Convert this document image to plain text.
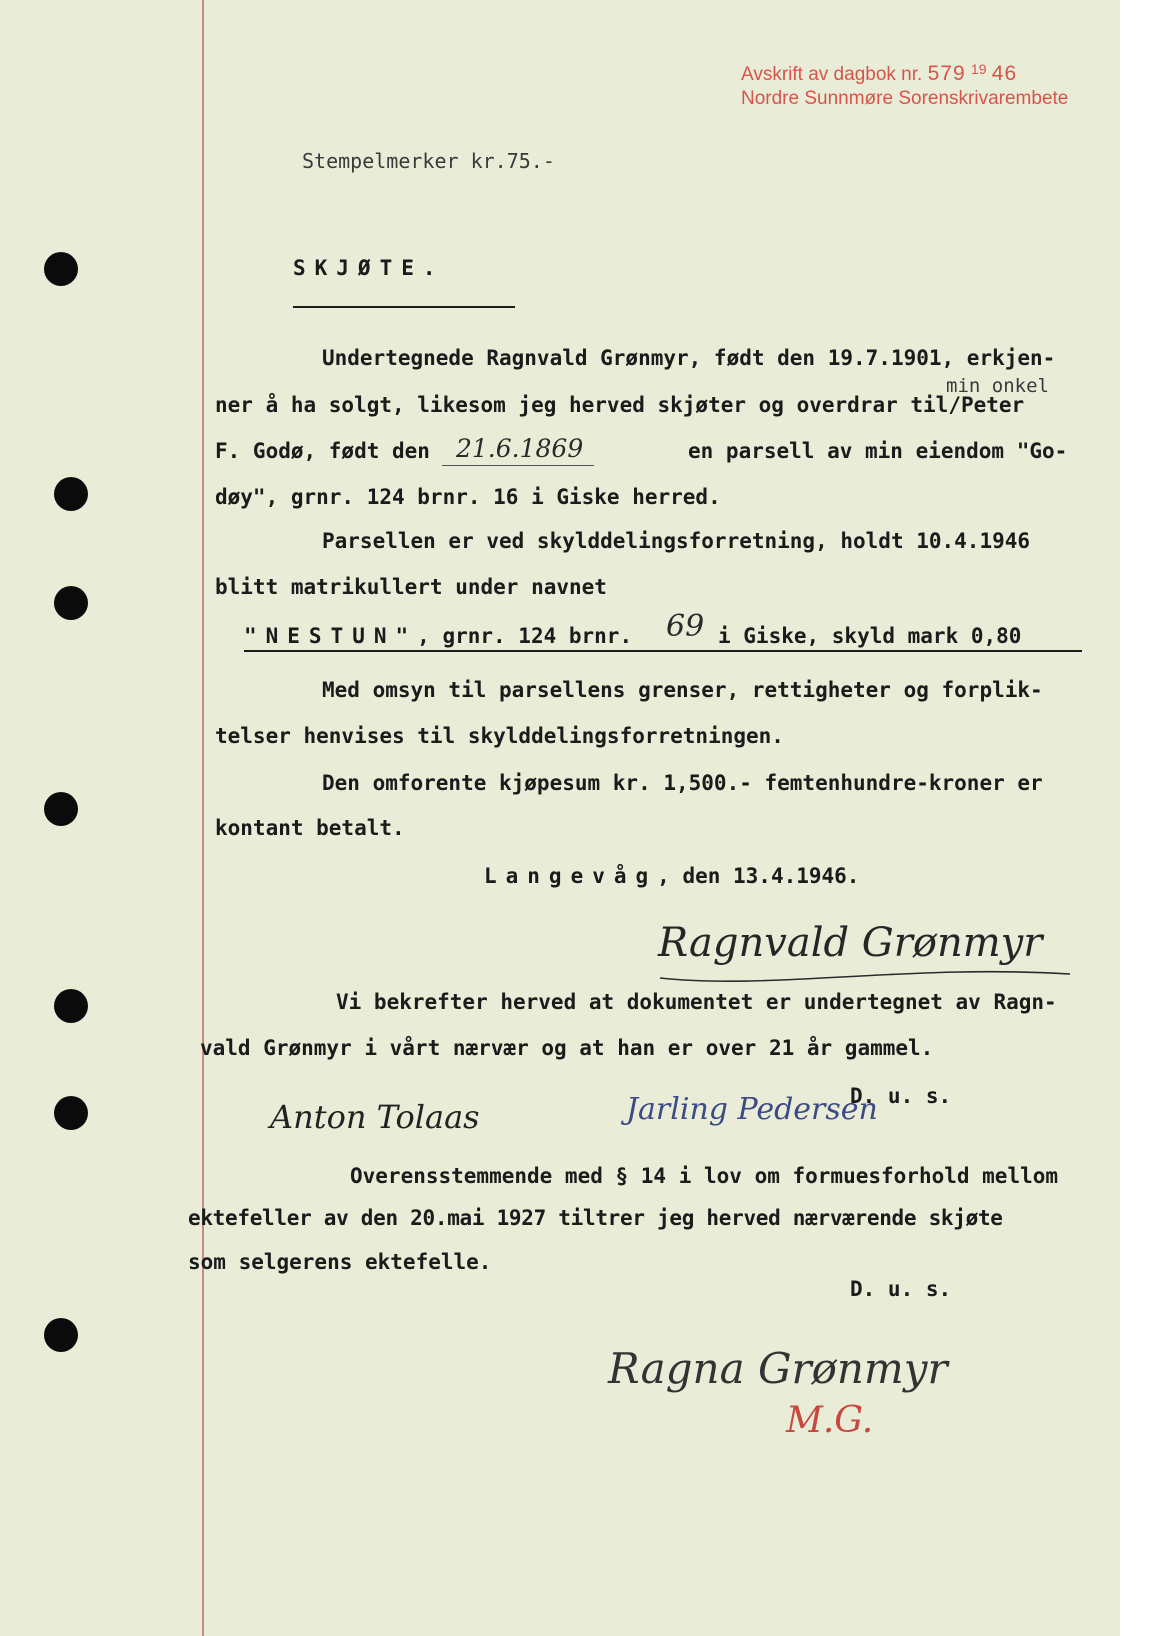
Avskrift av dagbok nr. 579 $^{19}$ 46
Nordre Sunnmøre Sorenskrivarembete
Stempelmerker kr.75.-
SKJØTE.
Undertegnede Ragnvald Grønmyr, født den 19.7.1901, erkjen-
min onkel
ner å ha solgt, likesom jeg herved skjøter og overdrar til/Peter
F. Godø, født den 21.6.1869	en parsell av min eiendom "Go-
døy", grnr. 124 brnr. 16 i Giske herred.
Parsellen er ved skylddelingsforretning, holdt 10.4.1946
blitt matrikullert under navnet
"NESTUN", grnr. 124 brnr. 69 i Giske, skyld mark 0,80
Med omsyn til parsellens grenser, rettigheter og forplik-
telser henvises til skylddelingsforretningen.
Den omforente kjøpesum kr. 1,500.- femtenhundre-kroner er
kontant betalt.
Langevåg, den 13.4.1946.
Ragnvald Grønmyr
Vi bekrefter herved at dokumentet er undertegnet av Ragn-
vald Grønmyr i vårt nærvær og at han er over 21 år gammel.
Anton Tolaas	Jarling Pedersen
D. u. s.
Overensstemmende med § 14 i lov om formuesforhold mellom
ektefeller av den 20.mai 1927 tiltrer jeg herved nærværende skjøte
som selgerens ektefelle.
D. u. s.
Ragna Grønmyr
M.G.
